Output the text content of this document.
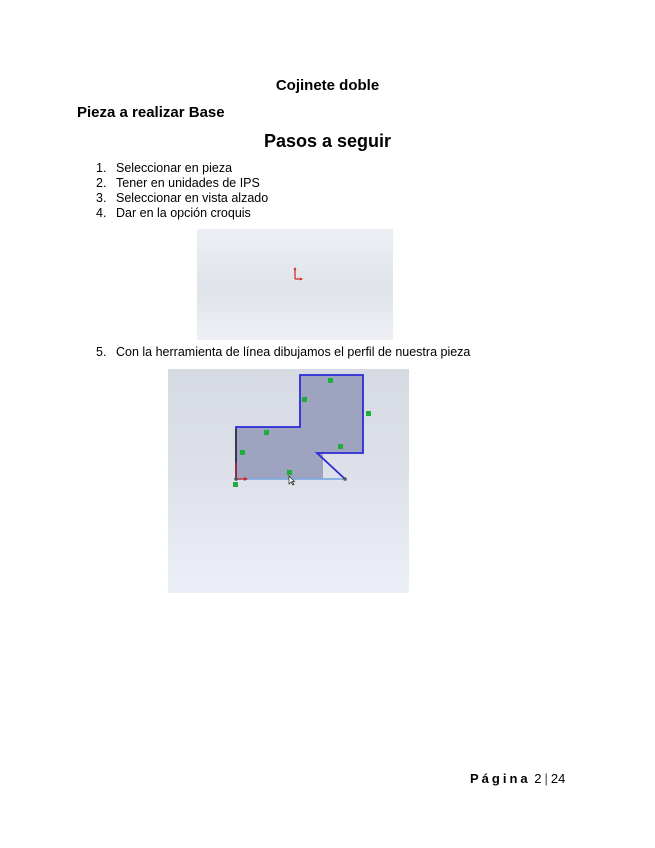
Cojinete doble
Pieza a realizar Base
Pasos a seguir
1. Seleccionar en pieza
2. Tener en unidades de IPS
3. Seleccionar en vista alzado
4. Dar en la opción croquis
5. Con la herramienta de línea dibujamos el perfil de nuestra pieza
Página 2 | 24
